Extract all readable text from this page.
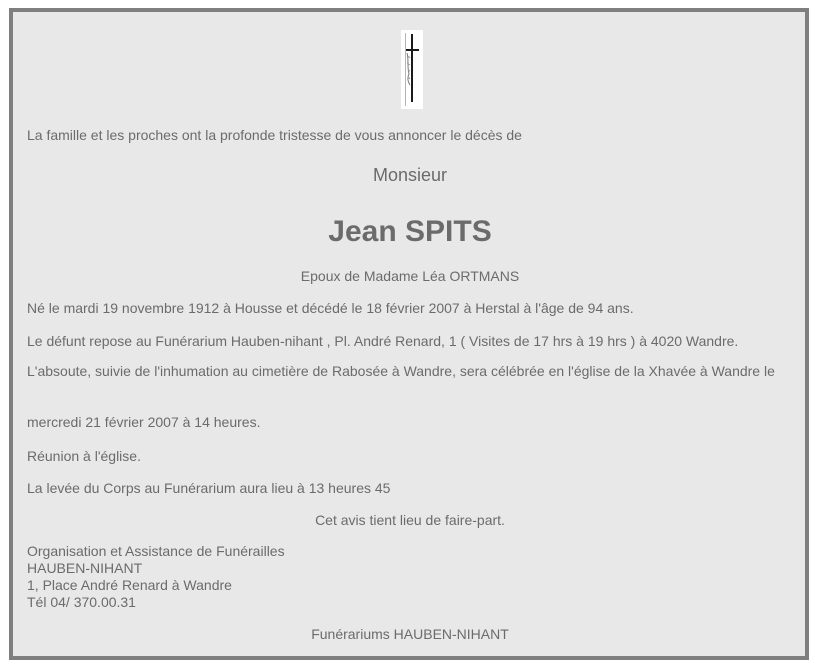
La famille et les proches ont la profonde tristesse de vous annoncer le décès de
Monsieur
Jean SPITS
Epoux de Madame Léa ORTMANS
Né le mardi 19 novembre 1912 à Housse et décédé le 18 février 2007 à Herstal à l'âge de 94 ans.
Le défunt repose au Funérarium Hauben-nihant , Pl. André Renard, 1 ( Visites de 17 hrs à 19 hrs ) à 4020 Wandre.
L'absoute, suivie de l'inhumation au cimetière de Rabosée à Wandre, sera célébrée en l'église de la Xhavée à Wandre le
mercredi 21 février 2007 à 14 heures.
Réunion à l'église.
La levée du Corps au Funérarium aura lieu à 13 heures 45
Cet avis tient lieu de faire-part.
Organisation et Assistance de Funérailles
HAUBEN-NIHANT
1, Place André Renard à Wandre
Tél 04/ 370.00.31
Funérariums HAUBEN-NIHANT
